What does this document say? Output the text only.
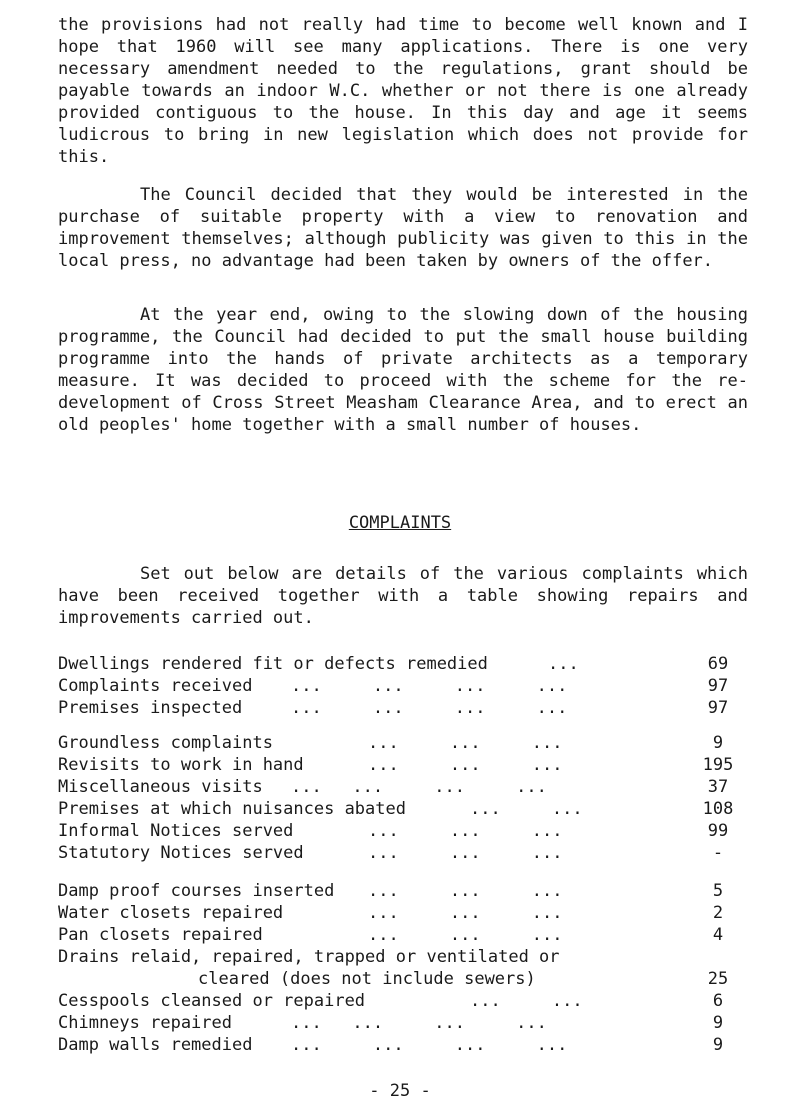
the provisions had not really had time to become well known and I hope that 1960 will see many applications. There is one very necessary amendment needed to the regulations, grant should be payable towards an indoor W.C. whether or not there is one already provided contiguous to the house. In this day and age it seems ludicrous to bring in new legislation which does not provide for this.

The Council decided that they would be interested in the purchase of suitable property with a view to renovation and improvement themselves; although publicity was given to this in the local press, no advantage had been taken by owners of the offer.

At the year end, owing to the slowing down of the housing programme, the Council had decided to put the small house building programme into the hands of private architects as a temporary measure. It was decided to proceed with the scheme for the re-development of Cross Street Measham Clearance Area, and to erect an old peoples' home together with a small number of houses.

COMPLAINTS

Set out below are details of the various complaints which have been received together with a table showing repairs and improvements carried out.

Dwellings rendered fit or defects remedied	...	69
Complaints received ...     ...     ...     ...	97
Premises inspected	...     ...     ...     ...	97
Groundless complaints	...     ...     ...	9
Revisits to work in hand	...     ...     ...	195
Miscellaneous visits ...   ...     ...     ...	37
Premises at which nuisances abated	...     ...	108
Informal Notices served	...     ...     ...	99
Statutory Notices served	...     ...     ...	-
Damp proof courses inserted ...     ...     ...	5
Water closets repaired	...     ...     ...	2
Pan closets repaired	...     ...     ...	4
Drains relaid, repaired, trapped or ventilated or
cleared (does not include sewers)	25
Cesspools cleansed or repaired	...     ...	6
Chimneys repaired	...   ...     ...     ...	9
Damp walls remedied ...     ...     ...     ...	9
- 25 -
